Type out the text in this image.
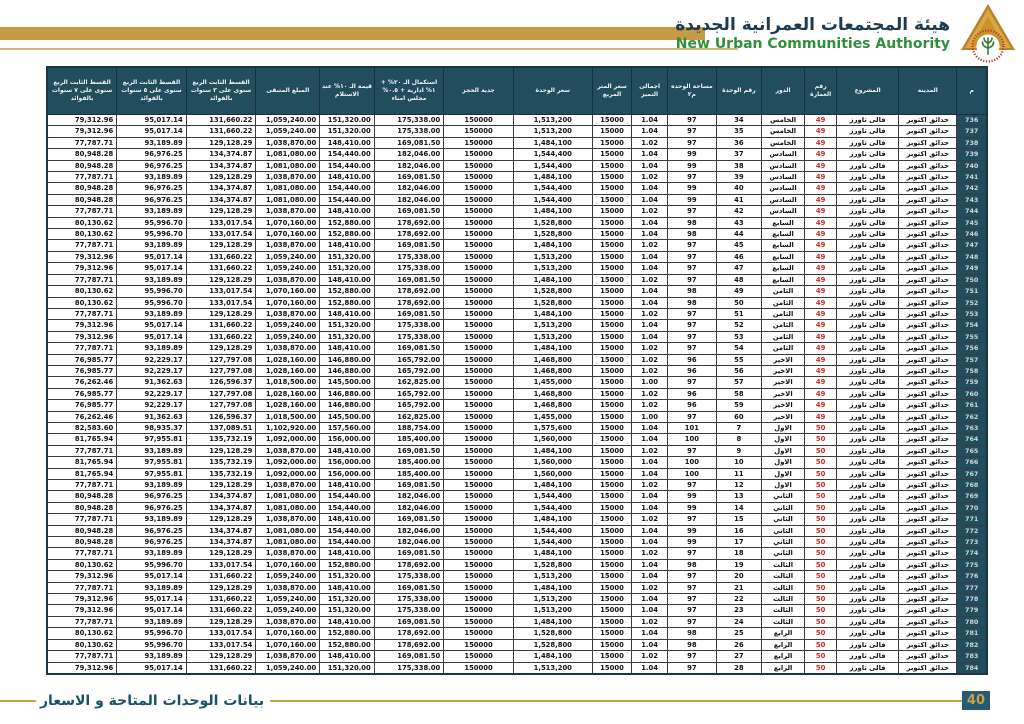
هيئة المجتمعات العمرانية الجديدة
New Urban Communities Authority
م	المدينة	المشروع	رقم العمارة	الدور	رقم الوحدة	مساحة الوحده م٢	اجمالى التميز	سعر المتر المربع	سعر الوحدة	جدية الحجز	استكمال الـ ٢٠% + ١% ادارية + ٠.٥% مجلس امناء	قيمة الـ ١٠% عند الاستلام	المبلغ المتبقى	القسط الثابت الربع سنوى على ٣ سنوات بالفوائد	القسط الثابت الربع سنوى على ٥ سنوات بالفوائد	القسط الثابت الربع سنوى على ٧ سنوات بالفوائد
736	حدائق اكتوبر	فالى تاورز	49	الخامس	34	97	1.04	15000	1,513,200	150000	175,338.00	151,320.00	1,059,240.00	131,660.22	95,017.14	79,312.96
737	حدائق اكتوبر	فالى تاورز	49	الخامس	35	97	1.04	15000	1,513,200	150000	175,338.00	151,320.00	1,059,240.00	131,660.22	95,017.14	79,312.96
738	حدائق اكتوبر	فالى تاورز	49	الخامس	36	97	1.02	15000	1,484,100	150000	169,081.50	148,410.00	1,038,870.00	129,128.29	93,189.89	77,787.71
739	حدائق اكتوبر	فالى تاورز	49	السادس	37	99	1.04	15000	1,544,400	150000	182,046.00	154,440.00	1,081,080.00	134,374.87	96,976.25	80,948.28
740	حدائق اكتوبر	فالى تاورز	49	السادس	38	99	1.04	15000	1,544,400	150000	182,046.00	154,440.00	1,081,080.00	134,374.87	96,976.25	80,948.28
741	حدائق اكتوبر	فالى تاورز	49	السادس	39	97	1.02	15000	1,484,100	150000	169,081.50	148,410.00	1,038,870.00	129,128.29	93,189.89	77,787.71
742	حدائق اكتوبر	فالى تاورز	49	السادس	40	99	1.04	15000	1,544,400	150000	182,046.00	154,440.00	1,081,080.00	134,374.87	96,976.25	80,948.28
743	حدائق اكتوبر	فالى تاورز	49	السادس	41	99	1.04	15000	1,544,400	150000	182,046.00	154,440.00	1,081,080.00	134,374.87	96,976.25	80,948.28
744	حدائق اكتوبر	فالى تاورز	49	السادس	42	97	1.02	15000	1,484,100	150000	169,081.50	148,410.00	1,038,870.00	129,128.29	93,189.89	77,787.71
745	حدائق اكتوبر	فالى تاورز	49	السابع	43	98	1.04	15000	1,528,800	150000	178,692.00	152,880.00	1,070,160.00	133,017.54	95,996.70	80,130.62
746	حدائق اكتوبر	فالى تاورز	49	السابع	44	98	1.04	15000	1,528,800	150000	178,692.00	152,880.00	1,070,160.00	133,017.54	95,996.70	80,130.62
747	حدائق اكتوبر	فالى تاورز	49	السابع	45	97	1.02	15000	1,484,100	150000	169,081.50	148,410.00	1,038,870.00	129,128.29	93,189.89	77,787.71
748	حدائق اكتوبر	فالى تاورز	49	السابع	46	97	1.04	15000	1,513,200	150000	175,338.00	151,320.00	1,059,240.00	131,660.22	95,017.14	79,312.96
749	حدائق اكتوبر	فالى تاورز	49	السابع	47	97	1.04	15000	1,513,200	150000	175,338.00	151,320.00	1,059,240.00	131,660.22	95,017.14	79,312.96
750	حدائق اكتوبر	فالى تاورز	49	السابع	48	97	1.02	15000	1,484,100	150000	169,081.50	148,410.00	1,038,870.00	129,128.29	93,189.89	77,787.71
751	حدائق اكتوبر	فالى تاورز	49	الثامن	49	98	1.04	15000	1,528,800	150000	178,692.00	152,880.00	1,070,160.00	133,017.54	95,996.70	80,130.62
752	حدائق اكتوبر	فالى تاورز	49	الثامن	50	98	1.04	15000	1,528,800	150000	178,692.00	152,880.00	1,070,160.00	133,017.54	95,996.70	80,130.62
753	حدائق اكتوبر	فالى تاورز	49	الثامن	51	97	1.02	15000	1,484,100	150000	169,081.50	148,410.00	1,038,870.00	129,128.29	93,189.89	77,787.71
754	حدائق اكتوبر	فالى تاورز	49	الثامن	52	97	1.04	15000	1,513,200	150000	175,338.00	151,320.00	1,059,240.00	131,660.22	95,017.14	79,312.96
755	حدائق اكتوبر	فالى تاورز	49	الثامن	53	97	1.04	15000	1,513,200	150000	175,338.00	151,320.00	1,059,240.00	131,660.22	95,017.14	79,312.96
756	حدائق اكتوبر	فالى تاورز	49	الثامن	54	97	1.02	15000	1,484,100	150000	169,081.50	148,410.00	1,038,870.00	129,128.29	93,189.89	77,787.71
757	حدائق اكتوبر	فالى تاورز	49	الاخير	55	96	1.02	15000	1,468,800	150000	165,792.00	146,880.00	1,028,160.00	127,797.08	92,229.17	76,985.77
758	حدائق اكتوبر	فالى تاورز	49	الاخير	56	96	1.02	15000	1,468,800	150000	165,792.00	146,880.00	1,028,160.00	127,797.08	92,229.17	76,985.77
759	حدائق اكتوبر	فالى تاورز	49	الاخير	57	97	1.00	15000	1,455,000	150000	162,825.00	145,500.00	1,018,500.00	126,596.37	91,362.63	76,262.46
760	حدائق اكتوبر	فالى تاورز	49	الاخير	58	96	1.02	15000	1,468,800	150000	165,792.00	146,880.00	1,028,160.00	127,797.08	92,229.17	76,985.77
761	حدائق اكتوبر	فالى تاورز	49	الاخير	59	96	1.02	15000	1,468,800	150000	165,792.00	146,880.00	1,028,160.00	127,797.08	92,229.17	76,985.77
762	حدائق اكتوبر	فالى تاورز	49	الاخير	60	97	1.00	15000	1,455,000	150000	162,825.00	145,500.00	1,018,500.00	126,596.37	91,362.63	76,262.46
763	حدائق اكتوبر	فالى تاورز	50	الاول	7	101	1.04	15000	1,575,600	150000	188,754.00	157,560.00	1,102,920.00	137,089.51	98,935.37	82,583.60
764	حدائق اكتوبر	فالى تاورز	50	الاول	8	100	1.04	15000	1,560,000	150000	185,400.00	156,000.00	1,092,000.00	135,732.19	97,955.81	81,765.94
765	حدائق اكتوبر	فالى تاورز	50	الاول	9	97	1.02	15000	1,484,100	150000	169,081.50	148,410.00	1,038,870.00	129,128.29	93,189.89	77,787.71
766	حدائق اكتوبر	فالى تاورز	50	الاول	10	100	1.04	15000	1,560,000	150000	185,400.00	156,000.00	1,092,000.00	135,732.19	97,955.81	81,765.94
767	حدائق اكتوبر	فالى تاورز	50	الاول	11	100	1.04	15000	1,560,000	150000	185,400.00	156,000.00	1,092,000.00	135,732.19	97,955.81	81,765.94
768	حدائق اكتوبر	فالى تاورز	50	الاول	12	97	1.02	15000	1,484,100	150000	169,081.50	148,410.00	1,038,870.00	129,128.29	93,189.89	77,787.71
769	حدائق اكتوبر	فالى تاورز	50	الثاني	13	99	1.04	15000	1,544,400	150000	182,046.00	154,440.00	1,081,080.00	134,374.87	96,976.25	80,948.28
770	حدائق اكتوبر	فالى تاورز	50	الثاني	14	99	1.04	15000	1,544,400	150000	182,046.00	154,440.00	1,081,080.00	134,374.87	96,976.25	80,948.28
771	حدائق اكتوبر	فالى تاورز	50	الثاني	15	97	1.02	15000	1,484,100	150000	169,081.50	148,410.00	1,038,870.00	129,128.29	93,189.89	77,787.71
772	حدائق اكتوبر	فالى تاورز	50	الثاني	16	99	1.04	15000	1,544,400	150000	182,046.00	154,440.00	1,081,080.00	134,374.87	96,976.25	80,948.28
773	حدائق اكتوبر	فالى تاورز	50	الثاني	17	99	1.04	15000	1,544,400	150000	182,046.00	154,440.00	1,081,080.00	134,374.87	96,976.25	80,948.28
774	حدائق اكتوبر	فالى تاورز	50	الثاني	18	97	1.02	15000	1,484,100	150000	169,081.50	148,410.00	1,038,870.00	129,128.29	93,189.89	77,787.71
775	حدائق اكتوبر	فالى تاورز	50	الثالث	19	98	1.04	15000	1,528,800	150000	178,692.00	152,880.00	1,070,160.00	133,017.54	95,996.70	80,130.62
776	حدائق اكتوبر	فالى تاورز	50	الثالث	20	97	1.04	15000	1,513,200	150000	175,338.00	151,320.00	1,059,240.00	131,660.22	95,017.14	79,312.96
777	حدائق اكتوبر	فالى تاورز	50	الثالث	21	97	1.02	15000	1,484,100	150000	169,081.50	148,410.00	1,038,870.00	129,128.29	93,189.89	77,787.71
778	حدائق اكتوبر	فالى تاورز	50	الثالث	22	97	1.04	15000	1,513,200	150000	175,338.00	151,320.00	1,059,240.00	131,660.22	95,017.14	79,312.96
779	حدائق اكتوبر	فالى تاورز	50	الثالث	23	97	1.04	15000	1,513,200	150000	175,338.00	151,320.00	1,059,240.00	131,660.22	95,017.14	79,312.96
780	حدائق اكتوبر	فالى تاورز	50	الثالث	24	97	1.02	15000	1,484,100	150000	169,081.50	148,410.00	1,038,870.00	129,128.29	93,189.89	77,787.71
781	حدائق اكتوبر	فالى تاورز	50	الرابع	25	98	1.04	15000	1,528,800	150000	178,692.00	152,880.00	1,070,160.00	133,017.54	95,996.70	80,130.62
782	حدائق اكتوبر	فالى تاورز	50	الرابع	26	98	1.04	15000	1,528,800	150000	178,692.00	152,880.00	1,070,160.00	133,017.54	95,996.70	80,130.62
783	حدائق اكتوبر	فالى تاورز	50	الرابع	27	97	1.02	15000	1,484,100	150000	169,081.50	148,410.00	1,038,870.00	129,128.29	93,189.89	77,787.71
784	حدائق اكتوبر	فالى تاورز	50	الرابع	28	97	1.04	15000	1,513,200	150000	175,338.00	151,320.00	1,059,240.00	131,660.22	95,017.14	79,312.96
بيانات الوحدات المتاحة و الاسعار	40
